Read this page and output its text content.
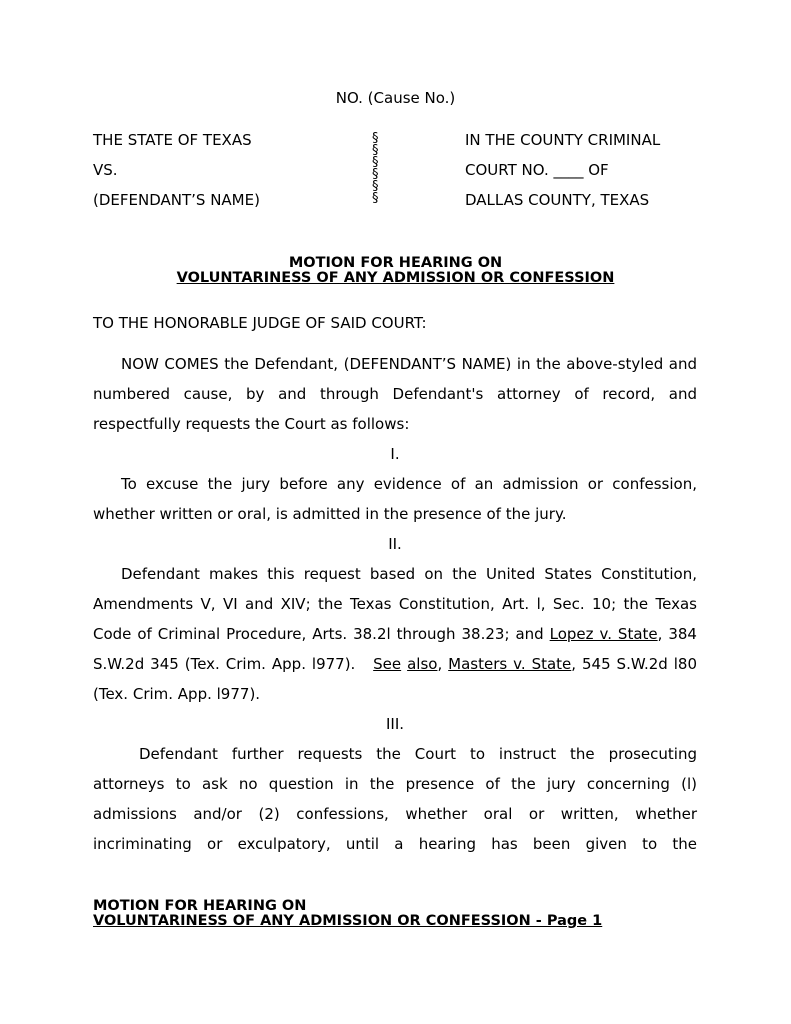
NO. (Cause No.)
THE STATE OF TEXAS
VS.
(DEFENDANT’S NAME)
§
§
§
§
§
§
IN THE COUNTY CRIMINAL
COURT NO. ____ OF
DALLAS COUNTY, TEXAS
MOTION FOR HEARING ON
VOLUNTARINESS OF ANY ADMISSION OR CONFESSION
TO THE HONORABLE JUDGE OF SAID COURT:

NOW COMES the Defendant, (DEFENDANT’S NAME) in the above-styled and numbered cause, by and through Defendant's attorney of record, and respectfully requests the Court as follows:

I.

To excuse the jury before any evidence of an admission or confession, whether written or oral, is admitted in the presence of the jury.

II.

Defendant makes this request based on the United States Constitution, Amendments V, VI and XIV; the Texas Constitution, Art. l, Sec. 10; the Texas Code of Criminal Procedure, Arts. 38.2l through 38.23; and Lopez v. State, 384 S.W.2d 345 (Tex. Crim. App. l977). See also, Masters v. State, 545 S.W.2d l80 (Tex. Crim. App. l977).

III.

Defendant further requests the Court to instruct the prosecuting attorneys to ask no question in the presence of the jury concerning (l) admissions and/or (2) confessions, whether oral or written, whether incriminating or exculpatory, until a hearing has been given to the

MOTION FOR HEARING ON
VOLUNTARINESS OF ANY ADMISSION OR CONFESSION - Page 1
